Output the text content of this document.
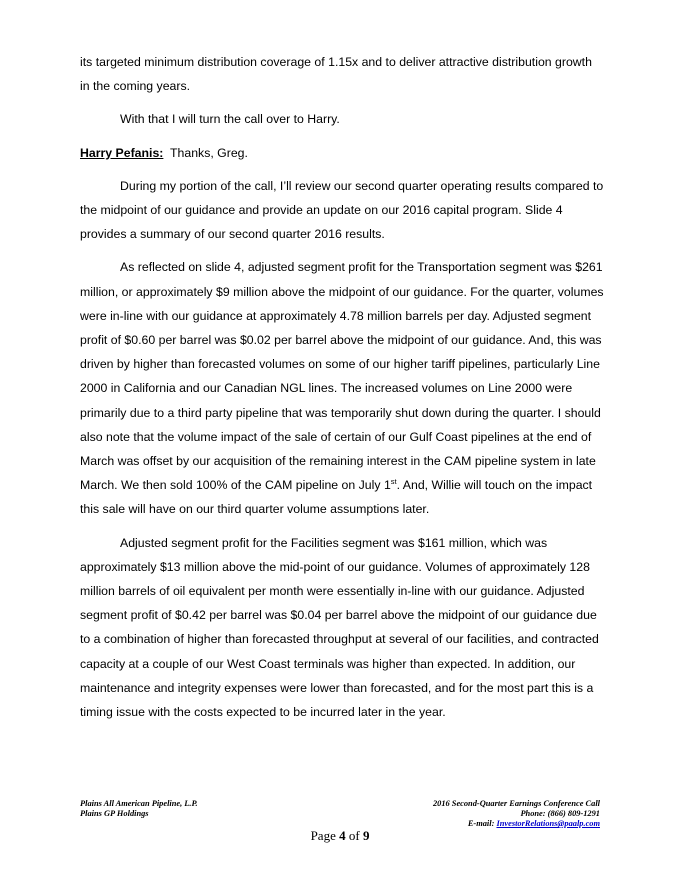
its targeted minimum distribution coverage of 1.15x and to deliver attractive distribution growth in the coming years.

With that I will turn the call over to Harry.

Harry Pefanis: Thanks, Greg.

During my portion of the call, I’ll review our second quarter operating results compared to the midpoint of our guidance and provide an update on our 2016 capital program. Slide 4 provides a summary of our second quarter 2016 results.

As reflected on slide 4, adjusted segment profit for the Transportation segment was $261 million, or approximately $9 million above the midpoint of our guidance. For the quarter, volumes were in-line with our guidance at approximately 4.78 million barrels per day. Adjusted segment profit of $0.60 per barrel was $0.02 per barrel above the midpoint of our guidance. And, this was driven by higher than forecasted volumes on some of our higher tariff pipelines, particularly Line 2000 in California and our Canadian NGL lines. The increased volumes on Line 2000 were primarily due to a third party pipeline that was temporarily shut down during the quarter. I should also note that the volume impact of the sale of certain of our Gulf Coast pipelines at the end of March was offset by our acquisition of the remaining interest in the CAM pipeline system in late March. We then sold 100% of the CAM pipeline on July 1st. And, Willie will touch on the impact this sale will have on our third quarter volume assumptions later.

Adjusted segment profit for the Facilities segment was $161 million, which was approximately $13 million above the mid-point of our guidance. Volumes of approximately 128 million barrels of oil equivalent per month were essentially in-line with our guidance. Adjusted segment profit of $0.42 per barrel was $0.04 per barrel above the midpoint of our guidance due to a combination of higher than forecasted throughput at several of our facilities, and contracted capacity at a couple of our West Coast terminals was higher than expected. In addition, our maintenance and integrity expenses were lower than forecasted, and for the most part this is a timing issue with the costs expected to be incurred later in the year.

Plains All American Pipeline, L.P.
Plains GP Holdings
2016 Second-Quarter Earnings Conference Call
Phone: (866) 809-1291
E-mail: InvestorRelations@paalp.com
Page 4 of 9
